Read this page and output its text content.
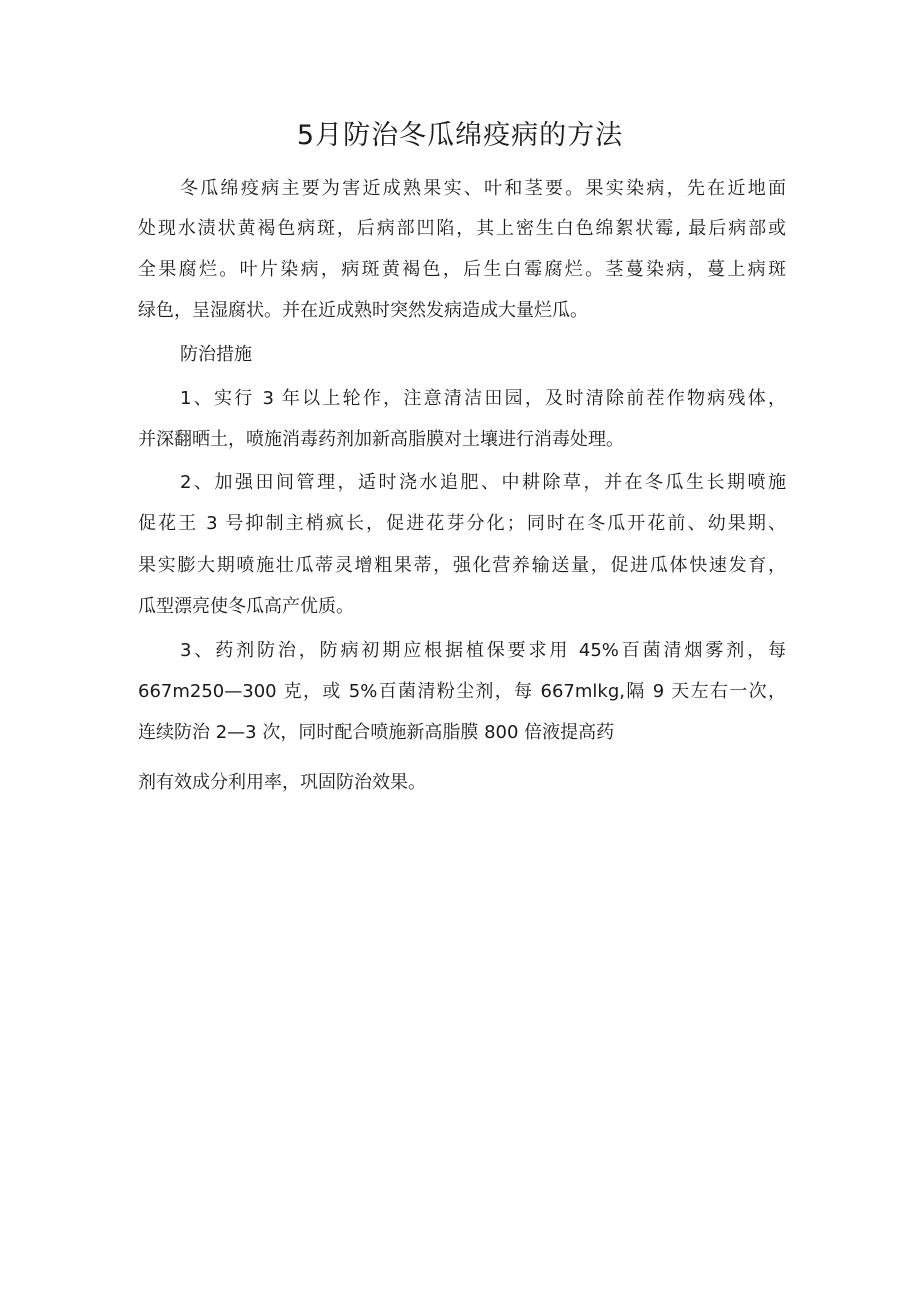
5月防治冬瓜绵疫病的方法
冬瓜绵疫病主要为害近成熟果实、叶和茎要。果实染病，先在近地面
处现水渍状黄褐色病斑，后病部凹陷，其上密生白色绵絮状霉, 最后病部或
全果腐烂。叶片染病，病斑黄褐色，后生白霉腐烂。茎蔓染病，蔓上病斑
绿色，呈湿腐状。并在近成熟时突然发病造成大量烂瓜。
防治措施
1、实行 3 年以上轮作，注意清洁田园，及时清除前茬作物病残体，
并深翻晒土，喷施消毒药剂加新高脂膜对土壤进行消毒处理。
2、加强田间管理，适时浇水追肥、中耕除草，并在冬瓜生长期喷施
促花王 3 号抑制主梢疯长，促进花芽分化；同时在冬瓜开花前、幼果期、
果实膨大期喷施壮瓜蒂灵增粗果蒂，强化营养输送量，促进瓜体快速发育，
瓜型漂亮使冬瓜高产优质。
3、药剂防治，防病初期应根据植保要求用 45%百菌清烟雾剂，每
667m250—300 克，或 5%百菌清粉尘剂，每 667mlkg,隔 9 天左右一次，
连续防治 2—3 次，同时配合喷施新高脂膜 800 倍液提高药
剂有效成分利用率，巩固防治效果。
